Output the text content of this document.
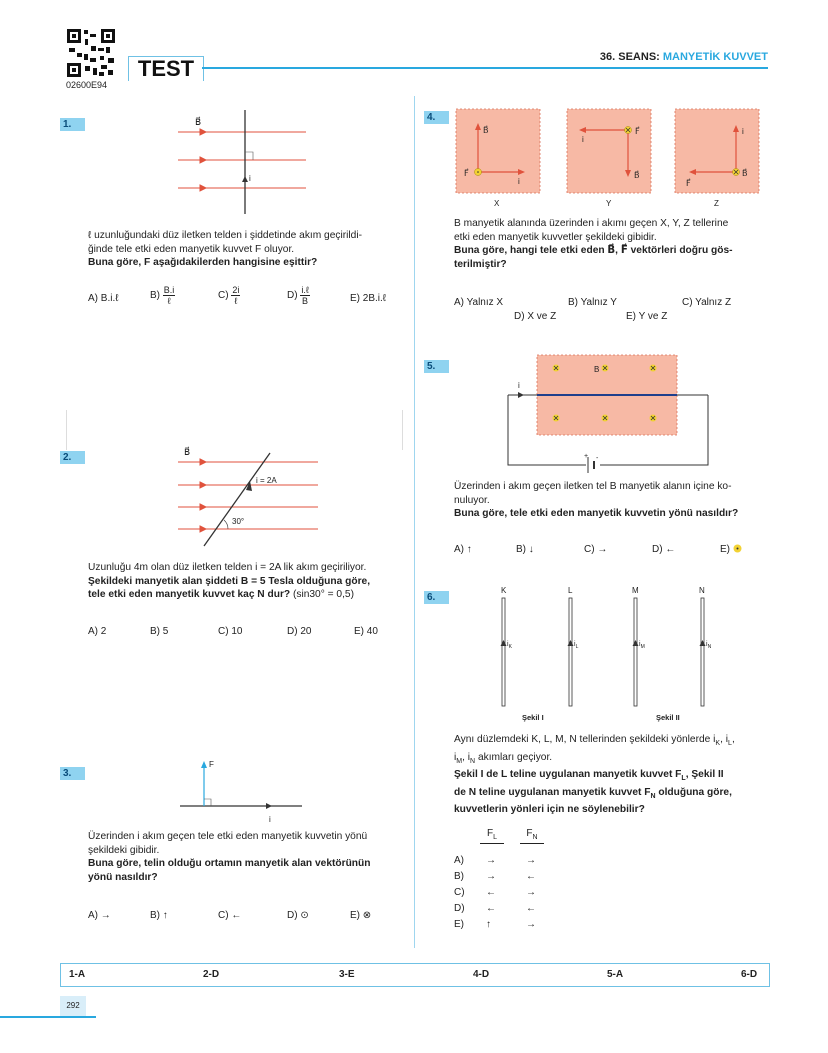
02600E94
TEST	36. SEANS: MANYETİK KUVVET
1.	B⃗
i
ℓ uzunluğundaki düz iletken telden i şiddetinde akım geçirildi-
ğinde tele etki eden manyetik kuvvet F oluyor.
Buna göre, F aşağıdakilerden hangisine eşittir?
A) B.i.ℓ	$B) \frac{B.i}{\text{ℓ}}$	$C) \frac{2i}{\text{ℓ}}$	$D) \frac{\text{i.ℓ}}{B}$	E) 2B.i.ℓ
2.	B⃗
i = 2A
30°
Uzunluğu 4m olan düz iletken telden i = 2A lik akım geçiriliyor.
Şekildeki manyetik alan şiddeti B = 5 Tesla olduğuna göre,
tele etki eden manyetik kuvvet kaç N dur? (sin30° = 0,5)
A) 2	B) 5	C) 10	D) 20	E) 40
3.
F
i
Üzerinden i akım geçen tele etki eden manyetik kuvvetin yönü
şekildeki gibidir.
Buna göre, telin olduğu ortamın manyetik alan vektörünün
yönü nasıldır?
A) →	B) ↑	C) ←	D) ⊙	E) ⊗
4.
B⃗
F⃗
i
X
F⃗
i
B⃗
Y
i
B⃗
F⃗
Z
B manyetik alanında üzerinden i akımı geçen X, Y, Z tellerine
etki eden manyetik kuvvetler şekildeki gibidir.
Buna göre, hangi tele etki eden B⃗, F⃗ vektörleri doğru gös-
terilmiştir?
A) Yalnız X	B) Yalnız Y	C) Yalnız Z
D) X ve Z	E) Y ve Z
5.
+ -
B
i
Üzerinden i akım geçen iletken tel B manyetik alanın içine ko-
nuluyor.
Buna göre, tele etki eden manyetik kuvvetin yönü nasıldır?
A) ↑	B) ↓	C) →	D) ←	E)
6.
K
$i_K$
L
$i_L$
M
$i_M$
N
$i_N$
Şekil I	Şekil II
Aynı düzlemdeki K, L, M, N tellerinden şekildeki yönlerde $i_K$, $i_L$,
$i_M$, $i_N$ akımları geçiyor.
Şekil I de L teline uygulanan manyetik kuvvet $F_L$, Şekil II
de N teline uygulanan manyetik kuvvet $F_N$ olduğuna göre,
kuvvetlerin yönleri için ne söylenebilir?
$F_L$	$F_N$
A) →	→
B) →	←
C) ←	→
D) ←	←
E) ↑	→
1-A	2-D	3-E	4-D	5-A	6-D
292
